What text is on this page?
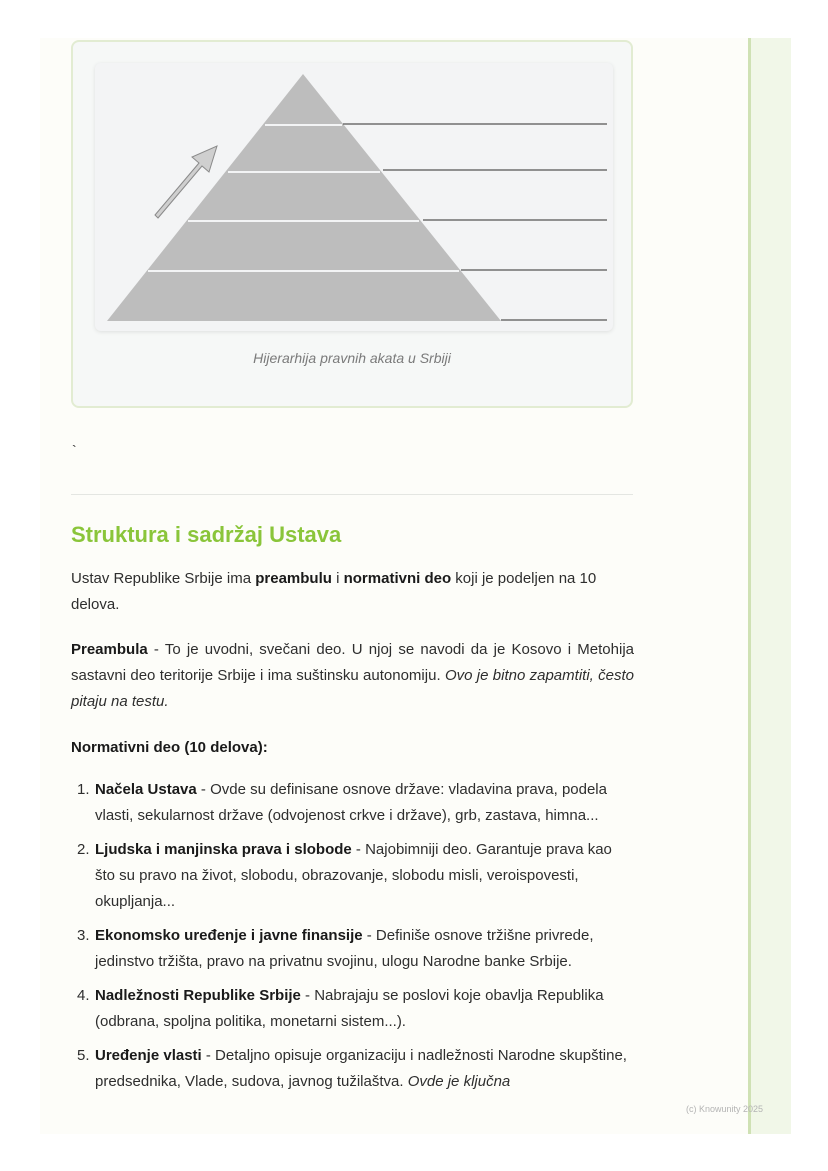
Hijerarhija pravnih akata u Srbiji
`
Struktura i sadržaj Ustava

Ustav Republike Srbije ima preambulu i normativni deo koji je podeljen na 10 delova.

Preambula - To je uvodni, svečani deo. U njoj se navodi da je Kosovo i Metohija sastavni deo teritorije Srbije i ima suštinsku autonomiju. Ovo je bitno zapamtiti, često pitaju na testu.

Normativni deo (10 delova):

1. Načela Ustava - Ovde su definisane osnove države: vladavina prava, podela vlasti, sekularnost države (odvojenost crkve i države), grb, zastava, himna...
2. Ljudska i manjinska prava i slobode - Najobimniji deo. Garantuje prava kao što su pravo na život, slobodu, obrazovanje, slobodu misli, veroispovesti, okupljanja...
3. Ekonomsko uređenje i javne finansije - Definiše osnove tržišne privrede, jedinstvo tržišta, pravo na privatnu svojinu, ulogu Narodne banke Srbije.
4. Nadležnosti Republike Srbije - Nabrajaju se poslovi koje obavlja Republika (odbrana, spoljna politika, monetarni sistem...).
5. Uređenje vlasti - Detaljno opisuje organizaciju i nadležnosti Narodne skupštine, predsednika, Vlade, sudova, javnog tužilaštva. Ovde je ključna
(c) Knowunity 2025
